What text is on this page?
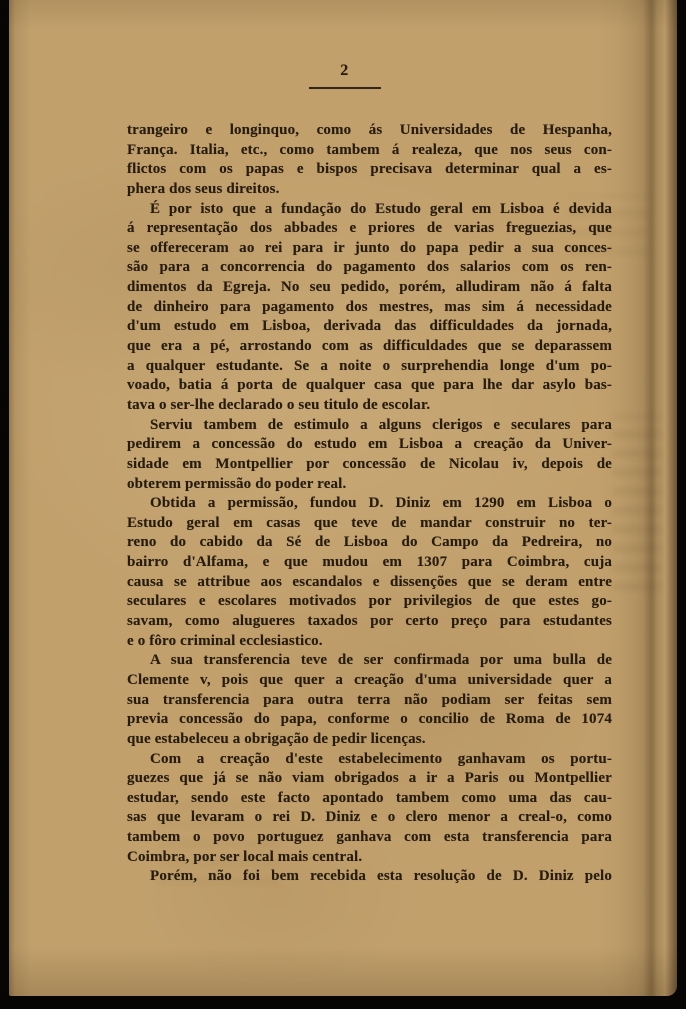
2
trangeiro e longinquo, como ás Universidades de Hespanha,
França. Italia, etc., como tambem á realeza, que nos seus con-
flictos com os papas e bispos precisava determinar qual a es-
phera dos seus direitos.
É por isto que a fundação do Estudo geral em Lisboa é devida
á representação dos abbades e priores de varias freguezias, que
se offereceram ao rei para ir junto do papa pedir a sua conces-
são para a concorrencia do pagamento dos salarios com os ren-
dimentos da Egreja. No seu pedido, porém, alludiram não á falta
de dinheiro para pagamento dos mestres, mas sim á necessidade
d'um estudo em Lisboa, derivada das difficuldades da jornada,
que era a pé, arrostando com as difficuldades que se deparassem
a qualquer estudante. Se a noite o surprehendia longe d'um po-
voado, batia á porta de qualquer casa que para lhe dar asylo bas-
tava o ser-lhe declarado o seu titulo de escolar.
Serviu tambem de estimulo a alguns clerigos e seculares para
pedirem a concessão do estudo em Lisboa a creação da Univer-
sidade em Montpellier por concessão de Nicolau iv, depois de
obterem permissão do poder real.
Obtida a permissão, fundou D. Diniz em 1290 em Lisboa o
Estudo geral em casas que teve de mandar construir no ter-
reno do cabido da Sé de Lisboa do Campo da Pedreira, no
bairro d'Alfama, e que mudou em 1307 para Coimbra, cuja
causa se attribue aos escandalos e dissenções que se deram entre
seculares e escolares motivados por privilegios de que estes go-
savam, como alugueres taxados por certo preço para estudantes
e o fôro criminal ecclesiastico.
A sua transferencia teve de ser confirmada por uma bulla de
Clemente v, pois que quer a creação d'uma universidade quer a
sua transferencia para outra terra não podiam ser feitas sem
previa concessão do papa, conforme o concilio de Roma de 1074
que estabeleceu a obrigação de pedir licenças.
Com a creação d'este estabelecimento ganhavam os portu-
guezes que já se não viam obrigados a ir a Paris ou Montpellier
estudar, sendo este facto apontado tambem como uma das cau-
sas que levaram o rei D. Diniz e o clero menor a creal-o, como
tambem o povo portuguez ganhava com esta transferencia para
Coimbra, por ser local mais central.
Porém, não foi bem recebida esta resolução de D. Diniz pelo
